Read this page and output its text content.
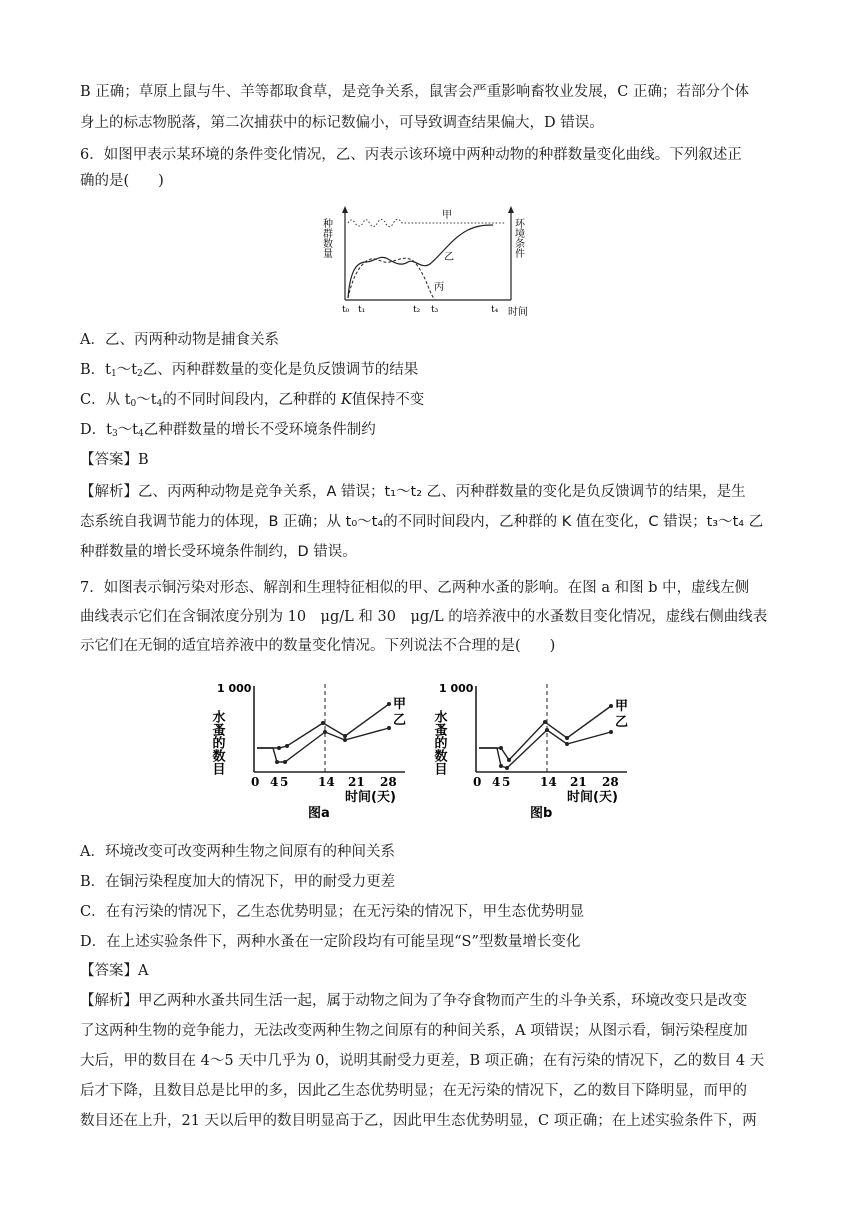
B 正确；草原上鼠与牛、羊等都取食草，是竞争关系，鼠害会严重影响畜牧业发展，C 正确；若部分个体
身上的标志物脱落，第二次捕获中的标记数偏小，可导致调查结果偏大，D 错误。
6．如图甲表示某环境的条件变化情况，乙、丙表示该环境中两种动物的种群数量变化曲线。下列叙述正
确的是(　　)
种群数量	环境条件
甲
乙
丙
t₀ t₁	t₂ t₃	t₄ 时间
A．乙、丙两种动物是捕食关系
B．$t_1\sim t_2$乙、丙种群数量的变化是负反馈调节的结果
C．从 $t_0\sim t_4$的不同时间段内，乙种群的 K值保持不变
D．$t_3\sim t_4$乙种群数量的增长不受环境条件制约
【答案】B
【解析】乙、丙两种动物是竞争关系，A 错误；t₁～t₂ 乙、丙种群数量的变化是负反馈调节的结果，是生
态系统自我调节能力的体现，B 正确；从 t₀～t₄的不同时间段内，乙种群的 K 值在变化，C 错误；t₃～t₄ 乙
种群数量的增长受环境条件制约，D 错误。
7．如图表示铜污染对形态、解剖和生理特征相似的甲、乙两种水蚤的影响。在图 a 和图 b 中，虚线左侧
曲线表示它们在含铜浓度分别为 10　μg/L 和 30　μg/L 的培养液中的水蚤数目变化情况，虚线右侧曲线表
示它们在无铜的适宜培养液中的数量变化情况。下列说法不合理的是(　　)
1 000
水蚤的数目
甲
乙
0 4 5 14 21 28
时间(天)
图a
1 000
水蚤的数目
甲
乙
0 4 5 14 21 28
时间(天)
图b
A．环境改变可改变两种生物之间原有的种间关系
B．在铜污染程度加大的情况下，甲的耐受力更差
C．在有污染的情况下，乙生态优势明显；在无污染的情况下，甲生态优势明显
D．在上述实验条件下，两种水蚤在一定阶段均有可能呈现“S”型数量增长变化
【答案】A
【解析】甲乙两种水蚤共同生活一起，属于动物之间为了争夺食物而产生的斗争关系，环境改变只是改变
了这两种生物的竞争能力，无法改变两种生物之间原有的种间关系，A 项错误；从图示看，铜污染程度加
大后，甲的数目在 4～5 天中几乎为 0，说明其耐受力更差，B 项正确；在有污染的情况下，乙的数目 4 天
后才下降，且数目总是比甲的多，因此乙生态优势明显；在无污染的情况下，乙的数目下降明显，而甲的
数目还在上升，21 天以后甲的数目明显高于乙，因此甲生态优势明显，C 项正确；在上述实验条件下，两
